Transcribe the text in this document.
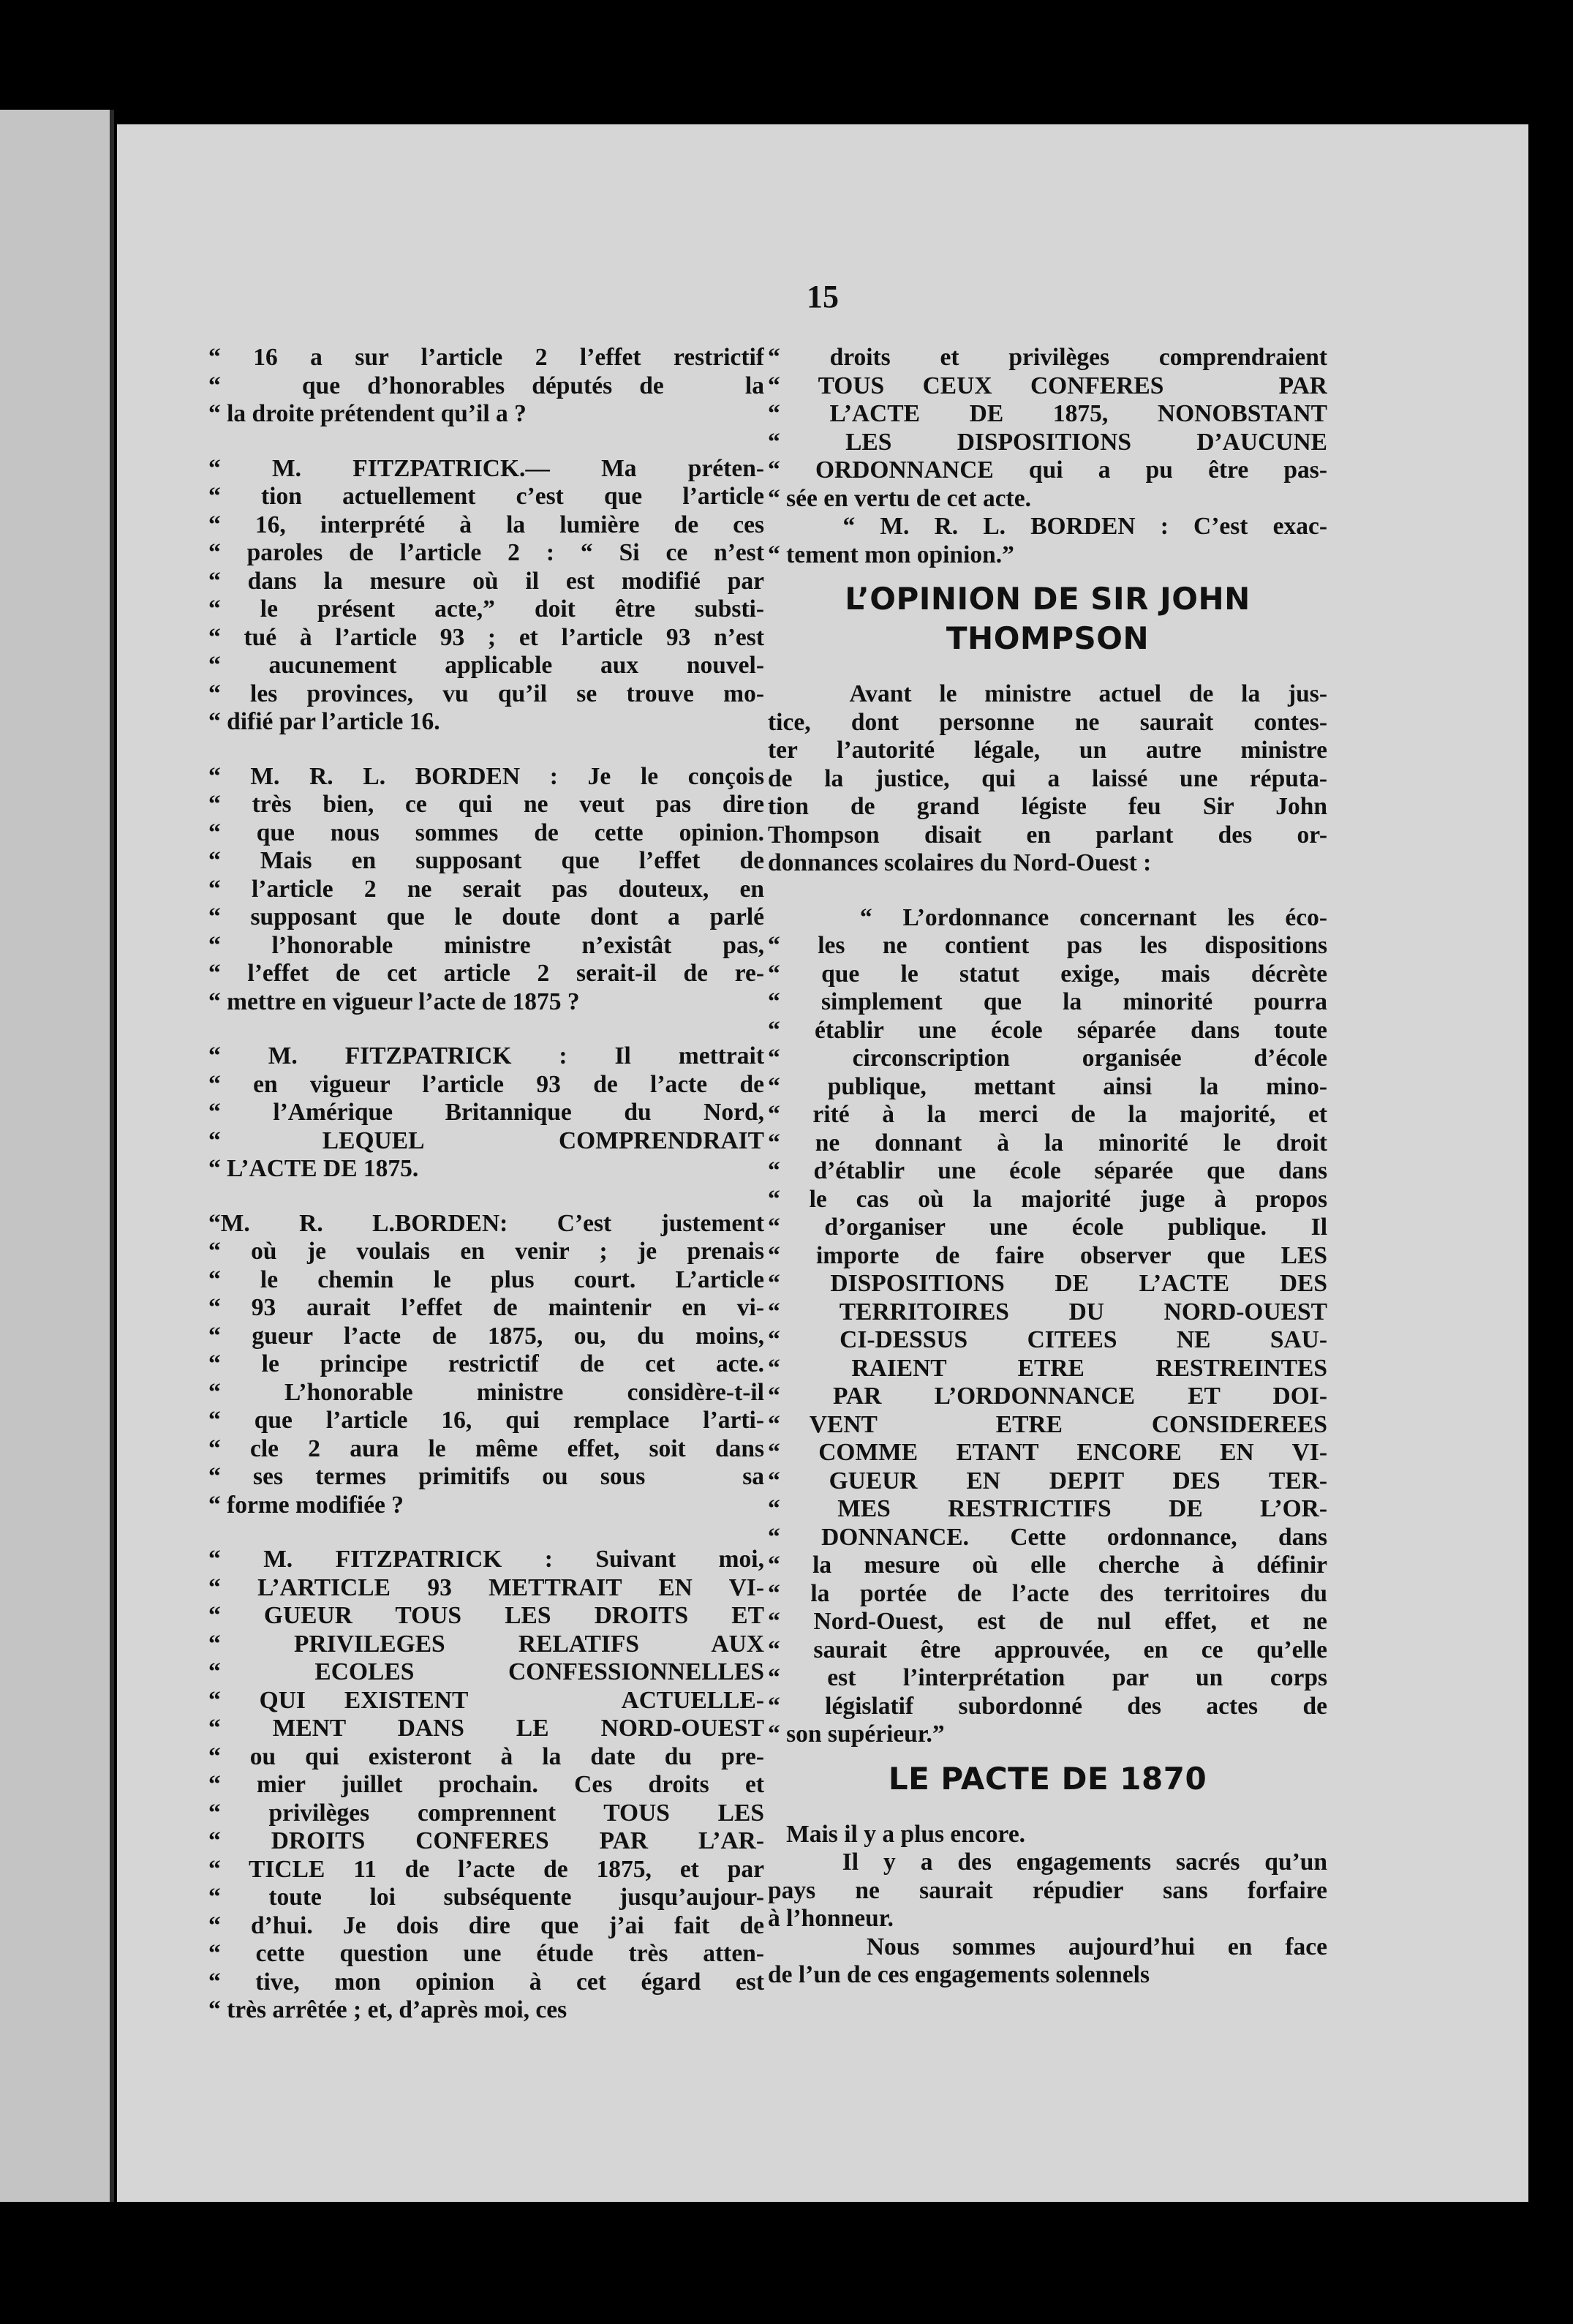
15
“ 16 a sur l’article 2 l’effet restrictif
“   que d’honorables députés de   la
“ la droite prétendent qu’il a ?
“ M. FITZPATRICK.— Ma préten-
“ tion actuellement c’est que l’article
“ 16, interprété à la lumière de ces
“ paroles de l’article 2 : “ Si ce n’est
“ dans la mesure où il est modifié par
“ le présent acte,” doit être substi-
“ tué à l’article 93 ; et l’article 93 n’est
“ aucunement applicable aux nouvel-
“ les provinces, vu qu’il se trouve mo-
“ difié par l’article 16.
“ M. R. L. BORDEN : Je le conçois
“ très bien, ce qui ne veut pas dire
“ que nous sommes de cette opinion.
“ Mais en supposant que l’effet de
“ l’article 2 ne serait pas douteux, en
“ supposant que le doute dont a parlé
“ l’honorable ministre n’existât pas,
“ l’effet de cet article 2 serait-il de re-
“ mettre en vigueur l’acte de 1875 ?
“ M. FITZPATRICK : Il mettrait
“ en vigueur l’article 93 de l’acte de
“ l’Amérique Britannique du Nord,
“   LEQUEL    COMPRENDRAIT
“ L’ACTE DE 1875.
“M. R. L.BORDEN: C’est justement
“ où je voulais en venir ; je prenais
“ le chemin le plus court. L’article
“ 93 aurait l’effet de maintenir en vi-
“ gueur l’acte de 1875, ou, du moins,
“ le principe restrictif de cet acte.
“ L’honorable ministre considère-t-il
“ que l’article 16, qui remplace l’arti-
“ cle 2 aura le même effet, soit dans
“ ses termes primitifs ou sous   sa
“ forme modifiée ?
“ M. FITZPATRICK : Suivant moi,
“ L’ARTICLE 93 METTRAIT EN VI-
“ GUEUR TOUS LES DROITS ET
“ PRIVILEGES RELATIFS AUX
“ ECOLES CONFESSIONNELLES
“ QUI EXISTENT    ACTUELLE-
“ MENT DANS LE NORD-OUEST
“ ou qui existeront à la date du pre-
“ mier juillet prochain. Ces droits et
“ privilèges comprennent TOUS LES
“ DROITS CONFERES PAR L’AR-
“ TICLE 11 de l’acte de 1875, et par
“ toute loi subséquente jusqu’aujour-
“ d’hui. Je dois dire que j’ai fait de
“ cette question une étude très atten-
“ tive, mon opinion à cet égard est
“ très arrêtée ; et, d’après moi, ces
“ droits et privilèges comprendraient
“ TOUS CEUX CONFERES   PAR
“ L’ACTE DE 1875, NONOBSTANT
“ LES DISPOSITIONS D’AUCUNE
“ ORDONNANCE qui a pu être pas-
“ sée en vertu de cet acte.
“ M. R. L. BORDEN : C’est exac-
“ tement mon opinion.”
L’OPINION DE SIR JOHN
THOMPSON
Avant le ministre actuel de la jus-
tice, dont personne ne saurait contes-
ter l’autorité légale, un autre ministre
de la justice, qui a laissé une réputa-
tion de grand légiste feu Sir John
Thompson disait en parlant des or-
donnances scolaires du Nord-Ouest :
“ L’ordonnance concernant les éco-
“ les ne contient pas les dispositions
“ que le statut exige, mais décrète
“ simplement que la minorité pourra
“ établir une école séparée dans toute
“ circonscription organisée d’école
“ publique, mettant ainsi la mino-
“ rité à la merci de la majorité, et
“ ne donnant à la minorité le droit
“ d’établir une école séparée que dans
“ le cas où la majorité juge à propos
“ d’organiser une école publique. Il
“ importe de faire observer que LES
“ DISPOSITIONS DE L’ACTE DES
“ TERRITOIRES DU NORD-OUEST
“ CI-DESSUS CITEES NE SAU-
“ RAIENT ETRE RESTREINTES
“ PAR L’ORDONNANCE ET DOI-
“ VENT    ETRE   CONSIDEREES
“ COMME ETANT ENCORE EN VI-
“ GUEUR EN DEPIT DES TER-
“ MES RESTRICTIFS DE L’OR-
“ DONNANCE. Cette ordonnance, dans
“ la mesure où elle cherche à définir
“ la portée de l’acte des territoires du
“ Nord-Ouest, est de nul effet, et ne
“ saurait être approuvée, en ce qu’elle
“ est l’interprétation par un corps
“ législatif subordonné des actes de
“ son supérieur.”
LE PACTE DE 1870
Mais il y a plus encore.
Il y a des engagements sacrés qu’un
pays ne saurait répudier sans forfaire
à l’honneur.
Nous sommes aujourd’hui en face
de l’un de ces engagements solennels
